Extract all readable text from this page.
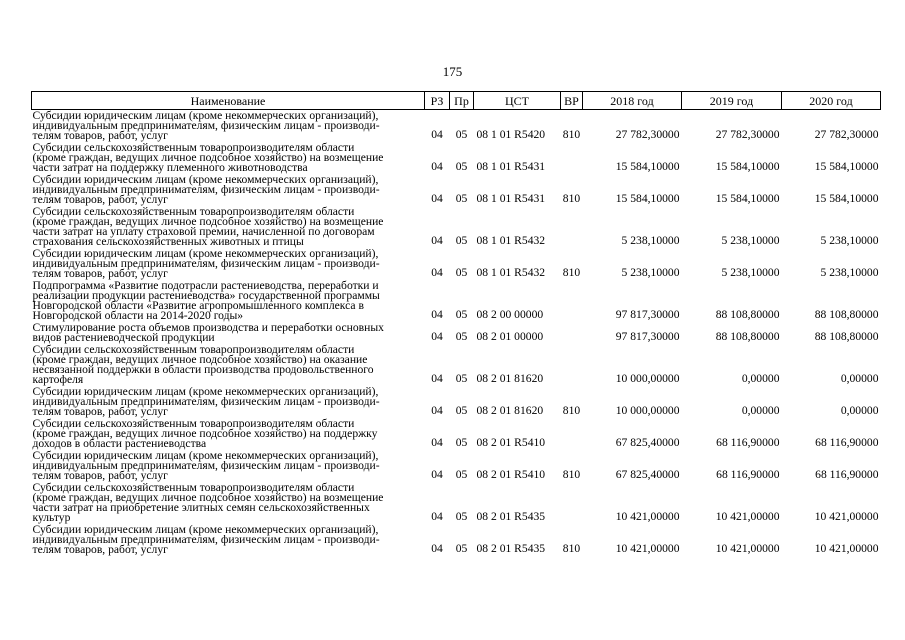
175
Наименование	РЗ	Пр	ЦСТ	ВР	2018 год	2019 год	2020 год

Субсидии юридическим лицам (кроме некоммерческих организаций),
индивидуальным предпринимателям, физическим лицам - производи-
телям товаров, работ, услуг	04	05	08 1 01 R5420	810	27 782,30000	27 782,30000	27 782,30000

Субсидии сельскохозяйственным товаропроизводителям области
(кроме граждан, ведущих личное подсобное хозяйство) на возмещение
части затрат на поддержку племенного животноводства	04	05	08 1 01 R5431		15 584,10000	15 584,10000	15 584,10000

Субсидии юридическим лицам (кроме некоммерческих организаций),
индивидуальным предпринимателям, физическим лицам - производи-
телям товаров, работ, услуг	04	05	08 1 01 R5431	810	15 584,10000	15 584,10000	15 584,10000

Субсидии сельскохозяйственным товаропроизводителям области
(кроме граждан, ведущих личное подсобное хозяйство) на возмещение
части затрат на уплату страховой премии, начисленной по договорам
страхования сельскохозяйственных животных и птицы	04	05	08 1 01 R5432		5 238,10000	5 238,10000	5 238,10000

Субсидии юридическим лицам (кроме некоммерческих организаций),
индивидуальным предпринимателям, физическим лицам - производи-
телям товаров, работ, услуг	04	05	08 1 01 R5432	810	5 238,10000	5 238,10000	5 238,10000

Подпрограмма «Развитие подотрасли растениеводства, переработки и
реализации продукции растениеводства» государственной программы
Новгородской области «Развитие агропромышленного комплекса в
Новгородской области на 2014-2020 годы»	04	05	08 2 00 00000		97 817,30000	88 108,80000	88 108,80000

Стимулирование роста объемов производства и переработки основных
видов растениеводческой продукции	04	05	08 2 01 00000		97 817,30000	88 108,80000	88 108,80000

Субсидии сельскохозяйственным товаропроизводителям области
(кроме граждан, ведущих личное подсобное хозяйство) на оказание
несвязанной поддержки в области производства продовольственного
картофеля	04	05	08 2 01 81620		10 000,00000	0,00000	0,00000

Субсидии юридическим лицам (кроме некоммерческих организаций),
индивидуальным предпринимателям, физическим лицам - производи-
телям товаров, работ, услуг	04	05	08 2 01 81620	810	10 000,00000	0,00000	0,00000

Субсидии сельскохозяйственным товаропроизводителям области
(кроме граждан, ведущих личное подсобное хозяйство) на поддержку
доходов в области растениеводства	04	05	08 2 01 R5410		67 825,40000	68 116,90000	68 116,90000

Субсидии юридическим лицам (кроме некоммерческих организаций),
индивидуальным предпринимателям, физическим лицам - производи-
телям товаров, работ, услуг	04	05	08 2 01 R5410	810	67 825,40000	68 116,90000	68 116,90000

Субсидии сельскохозяйственным товаропроизводителям области
(кроме граждан, ведущих личное подсобное хозяйство) на возмещение
части затрат на приобретение элитных семян сельскохозяйственных
культур	04	05	08 2 01 R5435		10 421,00000	10 421,00000	10 421,00000

Субсидии юридическим лицам (кроме некоммерческих организаций),
индивидуальным предпринимателям, физическим лицам - производи-
телям товаров, работ, услуг	04	05	08 2 01 R5435	810	10 421,00000	10 421,00000	10 421,00000
